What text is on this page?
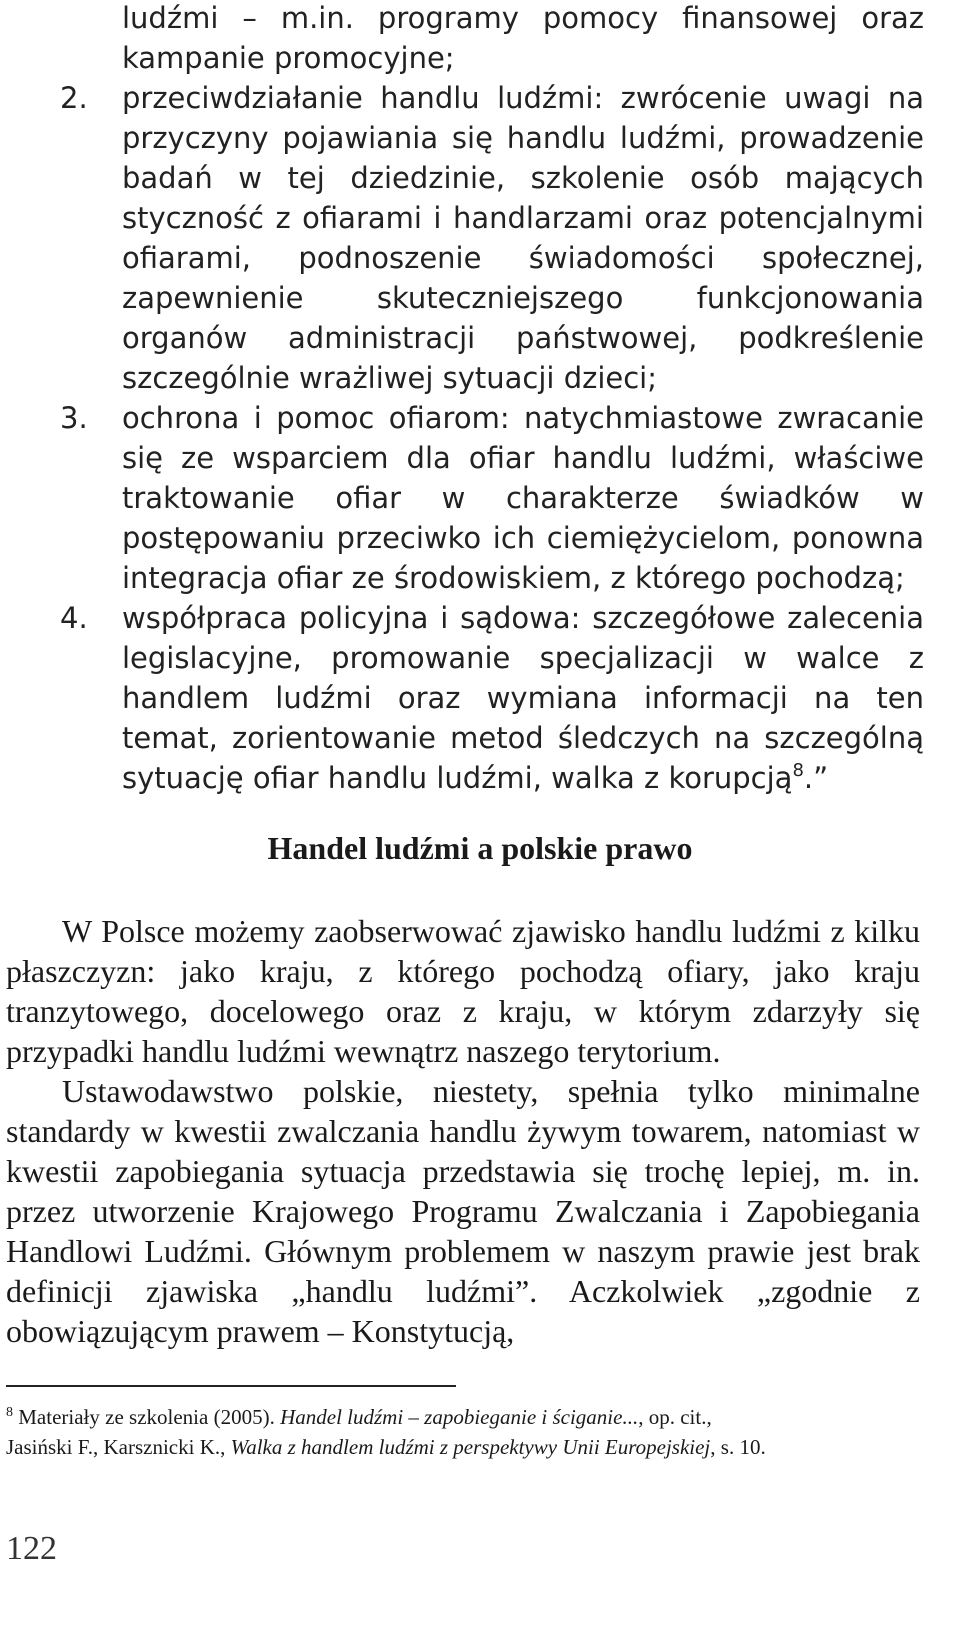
ludźmi – m.in. programy pomocy finansowej oraz kampanie promocyjne;
2. przeciwdziałanie handlu ludźmi: zwrócenie uwagi na przyczyny pojawiania się handlu ludźmi, prowadzenie badań w tej dziedzinie, szkolenie osób mających styczność z ofiarami i handlarzami oraz potencjalnymi ofiarami, podnoszenie świadomości społecznej, zapewnienie skuteczniejszego funkcjonowania organów administracji państwowej, podkreślenie szczególnie wrażliwej sytuacji dzieci;
3. ochrona i pomoc ofiarom: natychmiastowe zwracanie się ze wsparciem dla ofiar handlu ludźmi, właściwe traktowanie ofiar w charakterze świadków w postępowaniu przeciwko ich ciemiężycielom, ponowna integracja ofiar ze środowiskiem, z którego pochodzą;
4. współpraca policyjna i sądowa: szczegółowe zalecenia legislacyjne, promowanie specjalizacji w walce z handlem ludźmi oraz wymiana informacji na ten temat, zorientowanie metod śledczych na szczególną sytuację ofiar handlu ludźmi, walka z korupcją$^8$.”
Handel ludźmi a polskie prawo

W Polsce możemy zaobserwować zjawisko handlu ludźmi z kilku płaszczyzn: jako kraju, z którego pochodzą ofiary, jako kraju tranzytowego, docelowego oraz z kraju, w którym zdarzyły się przypadki handlu ludźmi wewnątrz naszego terytorium.

Ustawodawstwo polskie, niestety, spełnia tylko minimalne standardy w kwestii zwalczania handlu żywym towarem, natomiast w kwestii zapobiegania sytuacja przedstawia się trochę lepiej, m. in. przez utworzenie Krajowego Programu Zwalczania i Zapobiegania Handlowi Ludźmi. Głównym problemem w naszym prawie jest brak definicji zjawiska „handlu ludźmi”. Aczkolwiek „zgodnie z obowiązującym prawem – Konstytucją,

$^8$ Materiały ze szkolenia (2005). Handel ludźmi – zapobieganie i ściganie..., op. cit.,

Jasiński F., Karsznicki K., Walka z handlem ludźmi z perspektywy Unii Europejskiej, s. 10.

122
